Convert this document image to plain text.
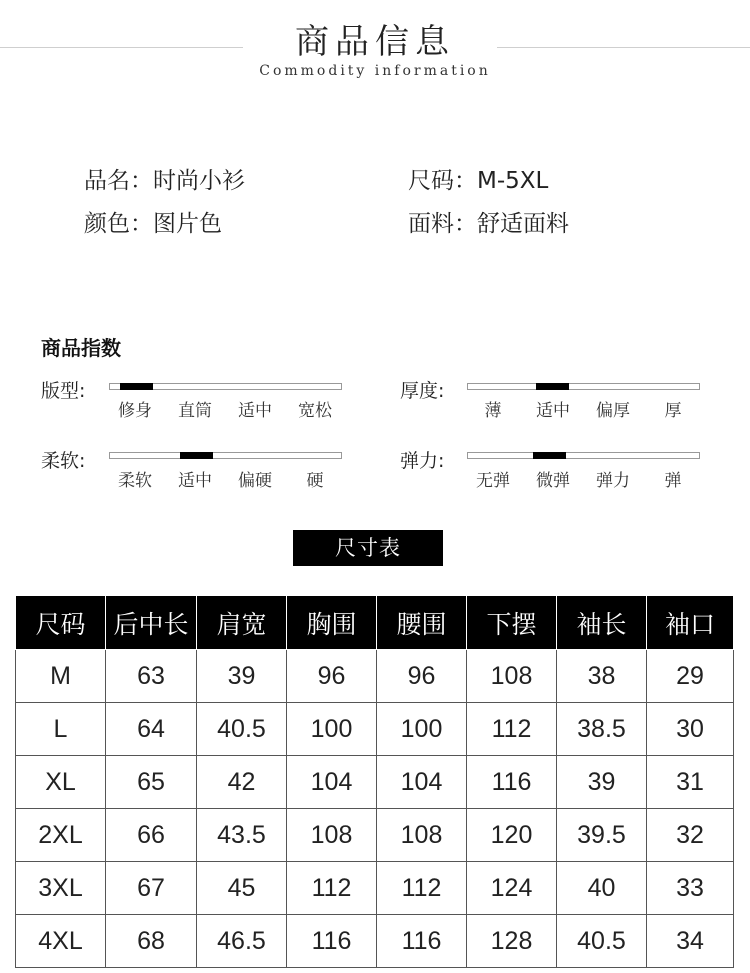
商品信息
Commodity information
品名：时尚小衫	尺码：M-5XL
颜色：图片色	面料：舒适面料
商品指数
版型:
修身 直筒 适中 宽松
厚度:
薄 适中 偏厚 厚
柔软:
柔软 适中 偏硬 硬
弹力:
无弹 微弹 弹力 弹
尺寸表
尺码	后中长	肩宽	胸围	腰围	下摆	袖长	袖口
M	63	39	96	96	108	38	29
L	64	40.5	100	100	112	38.5	30
XL	65	42	104	104	116	39	31
2XL	66	43.5	108	108	120	39.5	32
3XL	67	45	112	112	124	40	33
4XL	68	46.5	116	116	128	40.5	34
